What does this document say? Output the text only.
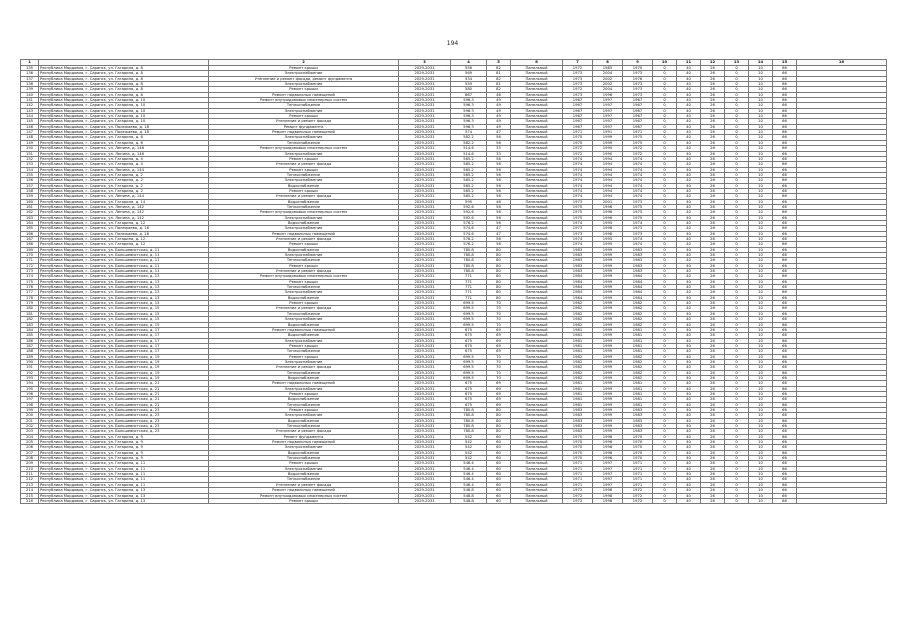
194
1		2	3	4	5	6	7	8	9	10	11	12	13	14	15	16
135	Республика Мордовия, г. Саранск, ул. Гагарина, д. 8	Ремонт крыши	2029-2031	556	82	Панельный	1972	1985	1970	0	40	26	0	10	66	
136	Республика Мордовия, г. Саранск, ул. Гагарина, д. 8	Электроснабжение	2029-2031	569	81	Панельный	1973	2004	1973	0	40	26	0	10	66	
137	Республика Мордовия, г. Саранск, ул. Гагарина, д. 8	Утепление и ремонт фасада, ремонт фундамента	2029-2031	534	82	Панельный	1973	2002	1976	0	40	26	0	10	66	
138	Республика Мордовия, г. Саранск, ул. Гагарина, д. 8	Электроснабжение	2029-2031	559	81	Панельный	1973	2002	1973	0	40	26	0	10	66	
139	Республика Мордовия, г. Саранск, ул. Гагарина, д. 8	Ремонт крыши	2029-2031	580	82	Панельный	1972	2004	1973	0	40	26	0	10	66	
140	Республика Мордовия, г. Саранск, ул. Гагарина, д. 6	Ремонт подвальных помещений	2029-2031	867	46	Панельный	1973	1996	1973	0	40	26	0	10	66	
141	Республика Мордовия, г. Саранск, ул. Гагарина, д. 10	Ремонт внутридомовых инженерных систем	2029-2031	596.3	49	Панельный	1967	1997	1967	0	40	26	0	10	66	
142	Республика Мордовия, г. Саранск, ул. Гагарина, д. 10	Теплоснабжение	2029-2031	596.3	49	Панельный	1967	1997	1967	0	40	26	0	10	66	
143	Республика Мордовия, г. Саранск, ул. Гагарина, д. 10	Электроснабжение	2029-2031	596.3	49	Панельный	1967	1997	1967	0	40	26	0	10	66	
144	Республика Мордовия, г. Саранск, ул. Гагарина, д. 10	Ремонт крыши	2029-2031	596.3	49	Панельный	1967	1997	1967	0	40	26	0	10	66	
145	Республика Мордовия, г. Саранск, ул. Гагарина, д. 10	Утепление и ремонт фасада	2029-2031	596.3	49	Панельный	1967	1997	1967	0	40	26	0	10	66	
146	Республика Мордовия, г. Саранск, ул. Полежаева, д. 18	Ремонт фундамента	2029-2031	596.3	49	Панельный	1967	1997	1967	0	40	26	0	10	66	
147	Республика Мордовия, г. Саранск, ул. Полежаева, д. 18	Ремонт подвальных помещений	2029-2031	574	47	Панельный	1971	1991	1971	0	40	26	0	10	66	
148	Республика Мордовия, г. Саранск, ул. Гагарина, д. 6	Электроснабжение	2029-2031	582.2	56	Панельный	1975	1999	1975	0	40	26	0	10	66	
149	Республика Мордовия, г. Саранск, ул. Гагарина, д. 6	Теплоснабжение	2029-2031	582.2	56	Панельный	1975	1999	1975	0	40	26	0	10	66	
150	Республика Мордовия, г. Саранск, ул. Ленина, д. 146	Ремонт внутридомовых инженерных систем	2029-2031	514.6	33	Панельный	1972	1990	1972	0	40	26	0	10	66	
151	Республика Мордовия, г. Саранск, ул. Ленина, д. 146	Электроснабжение	2029-2031	514.6	33	Панельный	1972	1990	1972	0	40	26	0	10	66	
152	Республика Мордовия, г. Саранск, ул. Гагарина, д. 4	Ремонт крыши	2029-2031	565.2	56	Панельный	1974	1994	1974	0	40	26	0	10	66	
153	Республика Мордовия, г. Саранск, ул. Гагарина, д. 4	Утепление и ремонт фасада	2029-2031	565.2	56	Панельный	1974	1994	1974	0	40	26	0	10	66	
154	Республика Мордовия, г. Саранск, ул. Ленина, д. 144	Ремонт крыши	2029-2031	565.2	56	Панельный	1974	1994	1974	0	40	26	0	10	66	
155	Республика Мордовия, г. Саранск, ул. Гагарина, д. 2	Теплоснабжение	2029-2031	565.2	56	Панельный	1974	1994	1974	0	40	26	0	10	66	
156	Республика Мордовия, г. Саранск, ул. Гагарина, д. 2	Электроснабжение	2029-2031	565.2	56	Панельный	1974	1994	1974	0	40	26	0	10	66	
157	Республика Мордовия, г. Саранск, ул. Гагарина, д. 2	Водоснабжение	2029-2031	565.2	56	Панельный	1974	1994	1974	0	40	26	0	10	66	
158	Республика Мордовия, г. Саранск, ул. Гагарина, д. 2	Ремонт крыши	2029-2031	565.2	56	Панельный	1974	1994	1974	0	40	26	0	10	66	
159	Республика Мордовия, г. Саранск, ул. Ленина, д. 144	Утепление и ремонт фасада	2029-2031	565.2	56	Панельный	1974	1994	1974	0	40	26	0	10	66	
160	Республика Мордовия, г. Саранск, ул. Гагарина, д. 14	Водоснабжение	2029-2031	595	46	Панельный	1973	2001	1973	0	40	26	0	10	66	
161	Республика Мордовия, г. Саранск, ул. Ленина, д. 142	Теплоснабжение	2029-2031	592.6	56	Панельный	1975	1996	1975	0	40	26	0	10	66	
162	Республика Мордовия, г. Саранск, ул. Ленина, д. 142	Ремонт внутридомовых инженерных систем	2029-2031	592.6	56	Панельный	1975	1996	1975	0	40	26	0	10	66	
163	Республика Мордовия, г. Саранск, ул. Ленина, д. 142	Электроснабжение	2029-2031	592.6	56	Панельный	1975	1996	1975	0	40	26	0	10	66	
164	Республика Мордовия, г. Саранск, ул. Гагарина, д. 12	Водоснабжение	2029-2031	576.2	56	Панельный	1974	1995	1974	0	40	26	0	10	66	
165	Республика Мордовия, г. Саранск, ул. Полежаева, д. 16	Электроснабжение	2029-2031	574.6	47	Панельный	1973	1998	1973	0	40	26	0	10	66	
166	Республика Мордовия, г. Саранск, ул. Полежаева, д. 16	Ремонт подвальных помещений	2029-2031	574.6	47	Панельный	1973	1998	1973	0	40	26	0	10	66	
167	Республика Мордовия, г. Саранск, ул. Гагарина, д. 12	Утепление и ремонт фасада	2029-2031	576.2	56	Панельный	1974	1995	1974	0	40	26	0	10	66	
168	Республика Мордовия, г. Саранск, ул. Гагарина, д. 12	Ремонт крыши	2029-2031	576.2	56	Панельный	1974	1995	1974	0	40	26	0	10	66	
169	Республика Мордовия, г. Саранск, ул. Большевистская, д. 11	Водоснабжение	2029-2031	780.8	80	Панельный	1983	1999	1983	0	40	26	0	10	66	
170	Республика Мордовия, г. Саранск, ул. Большевистская, д. 11	Электроснабжение	2029-2031	780.8	80	Панельный	1983	1999	1983	0	40	26	0	10	66	
171	Республика Мордовия, г. Саранск, ул. Большевистская, д. 11	Теплоснабжение	2029-2031	780.8	80	Панельный	1983	1999	1983	0	40	26	0	10	66	
172	Республика Мордовия, г. Саранск, ул. Большевистская, д. 11	Ремонт крыши	2029-2031	780.8	80	Панельный	1983	1999	1983	0	40	26	0	10	66	
173	Республика Мордовия, г. Саранск, ул. Большевистская, д. 11	Утепление и ремонт фасада	2029-2031	780.8	80	Панельный	1983	1999	1983	0	40	26	0	10	66	
174	Республика Мордовия, г. Саранск, ул. Большевистская, д. 13	Ремонт внутридомовых инженерных систем	2029-2031	771	80	Панельный	1984	1999	1984	0	40	26	0	10	66	
175	Республика Мордовия, г. Саранск, ул. Большевистская, д. 13	Ремонт крыши	2029-2031	771	80	Панельный	1984	1999	1984	0	40	26	0	10	66	
176	Республика Мордовия, г. Саранск, ул. Большевистская, д. 13	Теплоснабжение	2029-2031	771	80	Панельный	1984	1999	1984	0	40	26	0	10	66	
177	Республика Мордовия, г. Саранск, ул. Большевистская, д. 13	Электроснабжение	2029-2031	771	80	Панельный	1984	1999	1984	0	40	26	0	10	66	
178	Республика Мордовия, г. Саранск, ул. Большевистская, д. 13	Водоснабжение	2029-2031	771	80	Панельный	1984	1999	1984	0	40	26	0	10	66	
179	Республика Мордовия, г. Саранск, ул. Большевистская, д. 15	Ремонт крыши	2029-2031	699.5	70	Панельный	1982	1999	1982	0	40	26	0	10	66	
180	Республика Мордовия, г. Саранск, ул. Большевистская, д. 15	Утепление и ремонт фасада	2029-2031	699.5	70	Панельный	1982	1999	1982	0	40	26	0	10	66	
181	Республика Мордовия, г. Саранск, ул. Большевистская, д. 15	Теплоснабжение	2029-2031	699.5	70	Панельный	1982	1999	1982	0	40	26	0	10	66	
182	Республика Мордовия, г. Саранск, ул. Большевистская, д. 15	Электроснабжение	2029-2031	699.5	70	Панельный	1982	1999	1982	0	40	26	0	10	66	
183	Республика Мордовия, г. Саранск, ул. Большевистская, д. 15	Водоснабжение	2029-2031	699.5	70	Панельный	1982	1999	1982	0	40	26	0	10	66	
184	Республика Мордовия, г. Саранск, ул. Большевистская, д. 17	Ремонт подвальных помещений	2029-2031	675	69	Панельный	1981	1999	1981	0	40	26	0	10	66	
185	Республика Мордовия, г. Саранск, ул. Большевистская, д. 17	Водоснабжение	2029-2031	675	69	Панельный	1981	1999	1981	0	40	26	0	10	66	
186	Республика Мордовия, г. Саранск, ул. Большевистская, д. 17	Электроснабжение	2029-2031	675	69	Панельный	1981	1999	1981	0	40	26	0	10	66	
187	Республика Мордовия, г. Саранск, ул. Большевистская, д. 17	Ремонт крыши	2029-2031	675	69	Панельный	1981	1999	1981	0	40	26	0	10	66	
188	Республика Мордовия, г. Саранск, ул. Большевистская, д. 17	Теплоснабжение	2029-2031	675	69	Панельный	1981	1999	1981	0	40	26	0	10	66	
189	Республика Мордовия, г. Саранск, ул. Большевистская, д. 19	Ремонт крыши	2029-2031	699.5	70	Панельный	1982	1999	1982	0	40	26	0	10	66	
190	Республика Мордовия, г. Саранск, ул. Большевистская, д. 19	Электроснабжение	2029-2031	699.5	70	Панельный	1982	1999	1982	0	40	26	0	10	66	
191	Республика Мордовия, г. Саранск, ул. Большевистская, д. 19	Утепление и ремонт фасада	2029-2031	699.5	70	Панельный	1982	1999	1982	0	40	26	0	10	66	
192	Республика Мордовия, г. Саранск, ул. Большевистская, д. 19	Теплоснабжение	2029-2031	699.5	70	Панельный	1982	1999	1982	0	40	26	0	10	66	
193	Республика Мордовия, г. Саранск, ул. Большевистская, д. 19	Водоснабжение	2029-2031	699.5	70	Панельный	1982	1999	1982	0	40	26	0	10	66	
194	Республика Мордовия, г. Саранск, ул. Большевистская, д. 21	Ремонт подвальных помещений	2029-2031	675	69	Панельный	1981	1999	1981	0	40	26	0	10	66	
195	Республика Мордовия, г. Саранск, ул. Большевистская, д. 21	Электроснабжение	2029-2031	675	69	Панельный	1981	1999	1981	0	40	26	0	10	66	
196	Республика Мордовия, г. Саранск, ул. Большевистская, д. 21	Ремонт крыши	2029-2031	675	69	Панельный	1981	1999	1981	0	40	26	0	10	66	
197	Республика Мордовия, г. Саранск, ул. Большевистская, д. 21	Водоснабжение	2029-2031	675	69	Панельный	1981	1999	1981	0	40	26	0	10	66	
198	Республика Мордовия, г. Саранск, ул. Большевистская, д. 21	Теплоснабжение	2029-2031	675	69	Панельный	1981	1999	1981	0	40	26	0	10	66	
199	Республика Мордовия, г. Саранск, ул. Большевистская, д. 23	Ремонт крыши	2029-2031	780.8	80	Панельный	1983	1999	1983	0	40	26	0	10	66	
200	Республика Мордовия, г. Саранск, ул. Большевистская, д. 23	Электроснабжение	2029-2031	780.8	80	Панельный	1983	1999	1983	0	40	26	0	10	66	
201	Республика Мордовия, г. Саранск, ул. Большевистская, д. 23	Водоснабжение	2029-2031	780.8	80	Панельный	1983	1999	1983	0	40	26	0	10	66	
202	Республика Мордовия, г. Саранск, ул. Большевистская, д. 23	Теплоснабжение	2029-2031	780.8	80	Панельный	1983	1999	1983	0	40	26	0	10	66	
203	Республика Мордовия, г. Саранск, ул. Большевистская, д. 23	Утепление и ремонт фасада	2029-2031	780.8	80	Панельный	1983	1999	1983	0	40	26	0	10	66	
204	Республика Мордовия, г. Саранск, ул. Гагарина, д. 9	Ремонт фундамента	2029-2031	542	60	Панельный	1970	1996	1970	0	40	26	0	10	66	
205	Республика Мордовия, г. Саранск, ул. Гагарина, д. 9	Ремонт подвальных помещений	2029-2031	542	60	Панельный	1970	1996	1970	0	40	26	0	10	66	
206	Республика Мордовия, г. Саранск, ул. Гагарина, д. 9	Электроснабжение	2029-2031	542	60	Панельный	1970	1996	1970	0	40	26	0	10	66	
207	Республика Мордовия, г. Саранск, ул. Гагарина, д. 9	Водоснабжение	2029-2031	542	60	Панельный	1970	1996	1970	0	40	26	0	10	66	
208	Республика Мордовия, г. Саранск, ул. Гагарина, д. 9	Теплоснабжение	2029-2031	542	60	Панельный	1970	1996	1970	0	40	26	0	10	66	
209	Республика Мордовия, г. Саранск, ул. Гагарина, д. 11	Ремонт крыши	2029-2031	546.4	60	Панельный	1971	1997	1971	0	40	26	0	10	66	
210	Республика Мордовия, г. Саранск, ул. Гагарина, д. 11	Электроснабжение	2029-2031	546.4	60	Панельный	1971	1997	1971	0	40	26	0	10	66	
211	Республика Мордовия, г. Саранск, ул. Гагарина, д. 11	Водоснабжение	2029-2031	546.4	60	Панельный	1971	1997	1971	0	40	26	0	10	66	
212	Республика Мордовия, г. Саранск, ул. Гагарина, д. 11	Теплоснабжение	2029-2031	546.4	60	Панельный	1971	1997	1971	0	40	26	0	10	66	
213	Республика Мордовия, г. Саранск, ул. Гагарина, д. 11	Утепление и ремонт фасада	2029-2031	546.4	60	Панельный	1971	1997	1971	0	40	26	0	10	66	
214	Республика Мордовия, г. Саранск, ул. Гагарина, д. 13	Ремонт подвальных помещений	2029-2031	548.8	60	Панельный	1972	1998	1972	0	40	26	0	10	66	
215	Республика Мордовия, г. Саранск, ул. Гагарина, д. 13	Ремонт внутридомовых инженерных систем	2029-2031	548.8	60	Панельный	1972	1998	1972	0	40	26	0	10	66	
216	Республика Мордовия, г. Саранск, ул. Гагарина, д. 13	Ремонт крыши	2029-2031	548.8	60	Панельный	1972	1998	1972	0	40	26	0	10	66	
